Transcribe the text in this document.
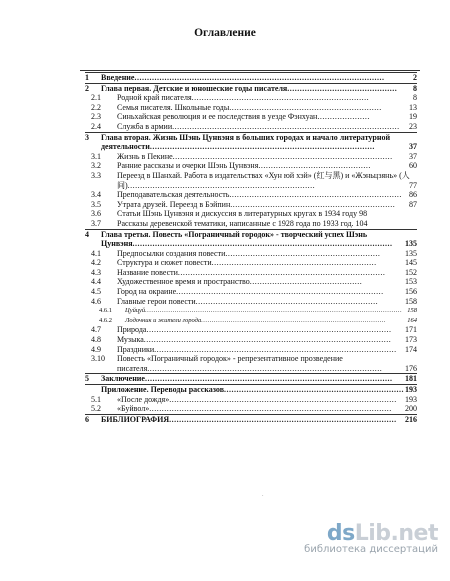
Оглавление
1	Введение....................................................................................................	2
2	Глава первая. Детские и юношеские годы писателя............................................	8
2.1	Родной край писателя.......................................................................	8
2.2	Семья писателя. Школьные годы.............................................................	13
2.3	Синьхайская революция и ее последствия в уезде Фэнхуан.....................	19
2.4	Служба в армии...........................................................................................	23
3	Глава вторая. Жизнь Шэнь Цунвэня в больших городах и начало литературной деятельности..........................................................................................	37
3.1	Жизнь в Пекине........................................................................................	37
3.2	Ранние рассказы и очерки Шэнь Цунвэня.............................................	60
3.3	Переезд в Шанхай. Работа в издательствах «Хун юй хэй» (红与黑) и «Жэньцзянь» (人间)...........................................................................	77
3.4	Преподавательская деятельность..................................................................... 86
3.5	Утрата друзей. Переезд в Бэйпин..................................................................	87
3.6	Статьи Шэнь Цунвэня и дискуссия в литературных кругах в 1934 году 98
3.7	Рассказы деревенской тематики, написанные с 1928 года по 1933 год. 104
4	Глава третья. Повесть «Пограничный городок» - творческий успех Шэнь Цунвэня........................................................................................................	135
4.1	Предпосылки создания повести..............................................................	135
4.2	Структура и сюжет повести..................................................................	145
4.3	Название повести...................................................................................	152
4.4	Художественное время и пространство.............................................	153
4.5	Город на окраине...................................................................................	156
4.6	Главные герои повести.........................................................................	158
4.6.1	Цуйцуй......................................................................................................................... 158
4.6.2	Лодочник и жители города.......................................................................................	164
4.7	Природа..................................................................................................	171
4.8	Музыка...................................................................................................	173
4.9	Праздники.................................................................................................	174
3.10	Повесть «Пограничный городок» - репрезентативное прозведение писателя..............................................................................................	176
5	Заключение...................................................................................................	181
Приложение. Переводы рассказов........................................................................ 193
5.1	«После дождя»...........................................................................................	193
5.2	«Буйвол».................................................................................................	200
6	БИБЛИОГРАФИЯ...........................................................................................	216
.
dsLib.net
библиотека диссертаций
